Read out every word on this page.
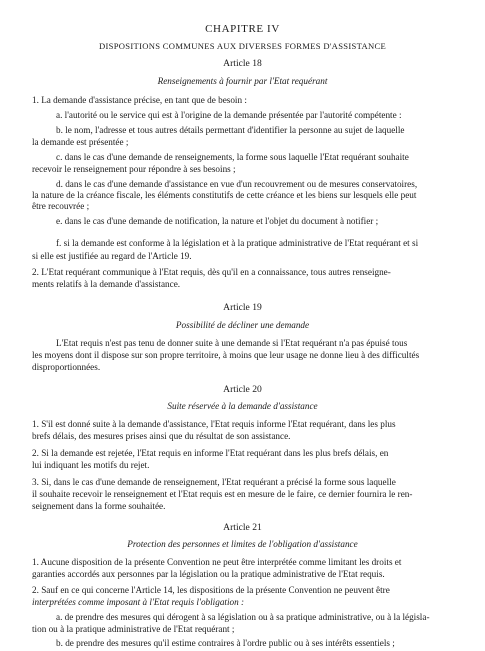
CHAPITRE IV
DISPOSITIONS COMMUNES AUX DIVERSES FORMES D'ASSISTANCE
Article 18
Renseignements à fournir par l'Etat requérant
1. La demande d'assistance précise, en tant que de besoin :
a. l'autorité ou le service qui est à l'origine de la demande présentée par l'autorité compétente :
b. le nom, l'adresse et tous autres détails permettant d'identifier la personne au sujet de laquelle
la demande est présentée ;
c. dans le cas d'une demande de renseignements, la forme sous laquelle l'Etat requérant souhaite
recevoir le renseignement pour répondre à ses besoins ;
d. dans le cas d'une demande d'assistance en vue d'un recouvrement ou de mesures conservatoires,
la nature de la créance fiscale, les éléments constitutifs de cette créance et les biens sur lesquels elle peut
être recouvrée ;
e. dans le cas d'une demande de notification, la nature et l'objet du document à notifier ;
f. si la demande est conforme à la législation et à la pratique administrative de l'Etat requérant et si
si elle est justifiée au regard de l'Article 19.
2. L'Etat requérant communique à l'Etat requis, dès qu'il en a connaissance, tous autres renseigne-
ments relatifs à la demande d'assistance.
Article 19
Possibilité de décliner une demande
L'Etat requis n'est pas tenu de donner suite à une demande si l'Etat requérant n'a pas épuisé tous
les moyens dont il dispose sur son propre territoire, à moins que leur usage ne donne lieu à des difficultés
disproportionnées.
Article 20
Suite réservée à la demande d'assistance
1. S'il est donné suite à la demande d'assistance, l'Etat requis informe l'Etat requérant, dans les plus
brefs délais, des mesures prises ainsi que du résultat de son assistance.
2. Si la demande est rejetée, l'Etat requis en informe l'Etat requérant dans les plus brefs délais, en
lui indiquant les motifs du rejet.
3. Si, dans le cas d'une demande de renseignement, l'Etat requérant a précisé la forme sous laquelle
il souhaite recevoir le renseignement et l'Etat requis est en mesure de le faire, ce dernier fournira le ren-
seignement dans la forme souhaitée.
Article 21
Protection des personnes et limites de l'obligation d'assistance
1. Aucune disposition de la présente Convention ne peut être interprétée comme limitant les droits et
garanties accordés aux personnes par la législation ou la pratique administrative de l'Etat requis.
2. Sauf en ce qui concerne l'Article 14, les dispositions de la présente Convention ne peuvent être
interprétées comme imposant à l'Etat requis l'obligation :
a. de prendre des mesures qui dérogent à sa législation ou à sa pratique administrative, ou à la législa-
tion ou à la pratique administrative de l'Etat requérant ;
b. de prendre des mesures qu'il estime contraires à l'ordre public ou à ses intérêts essentiels ;
